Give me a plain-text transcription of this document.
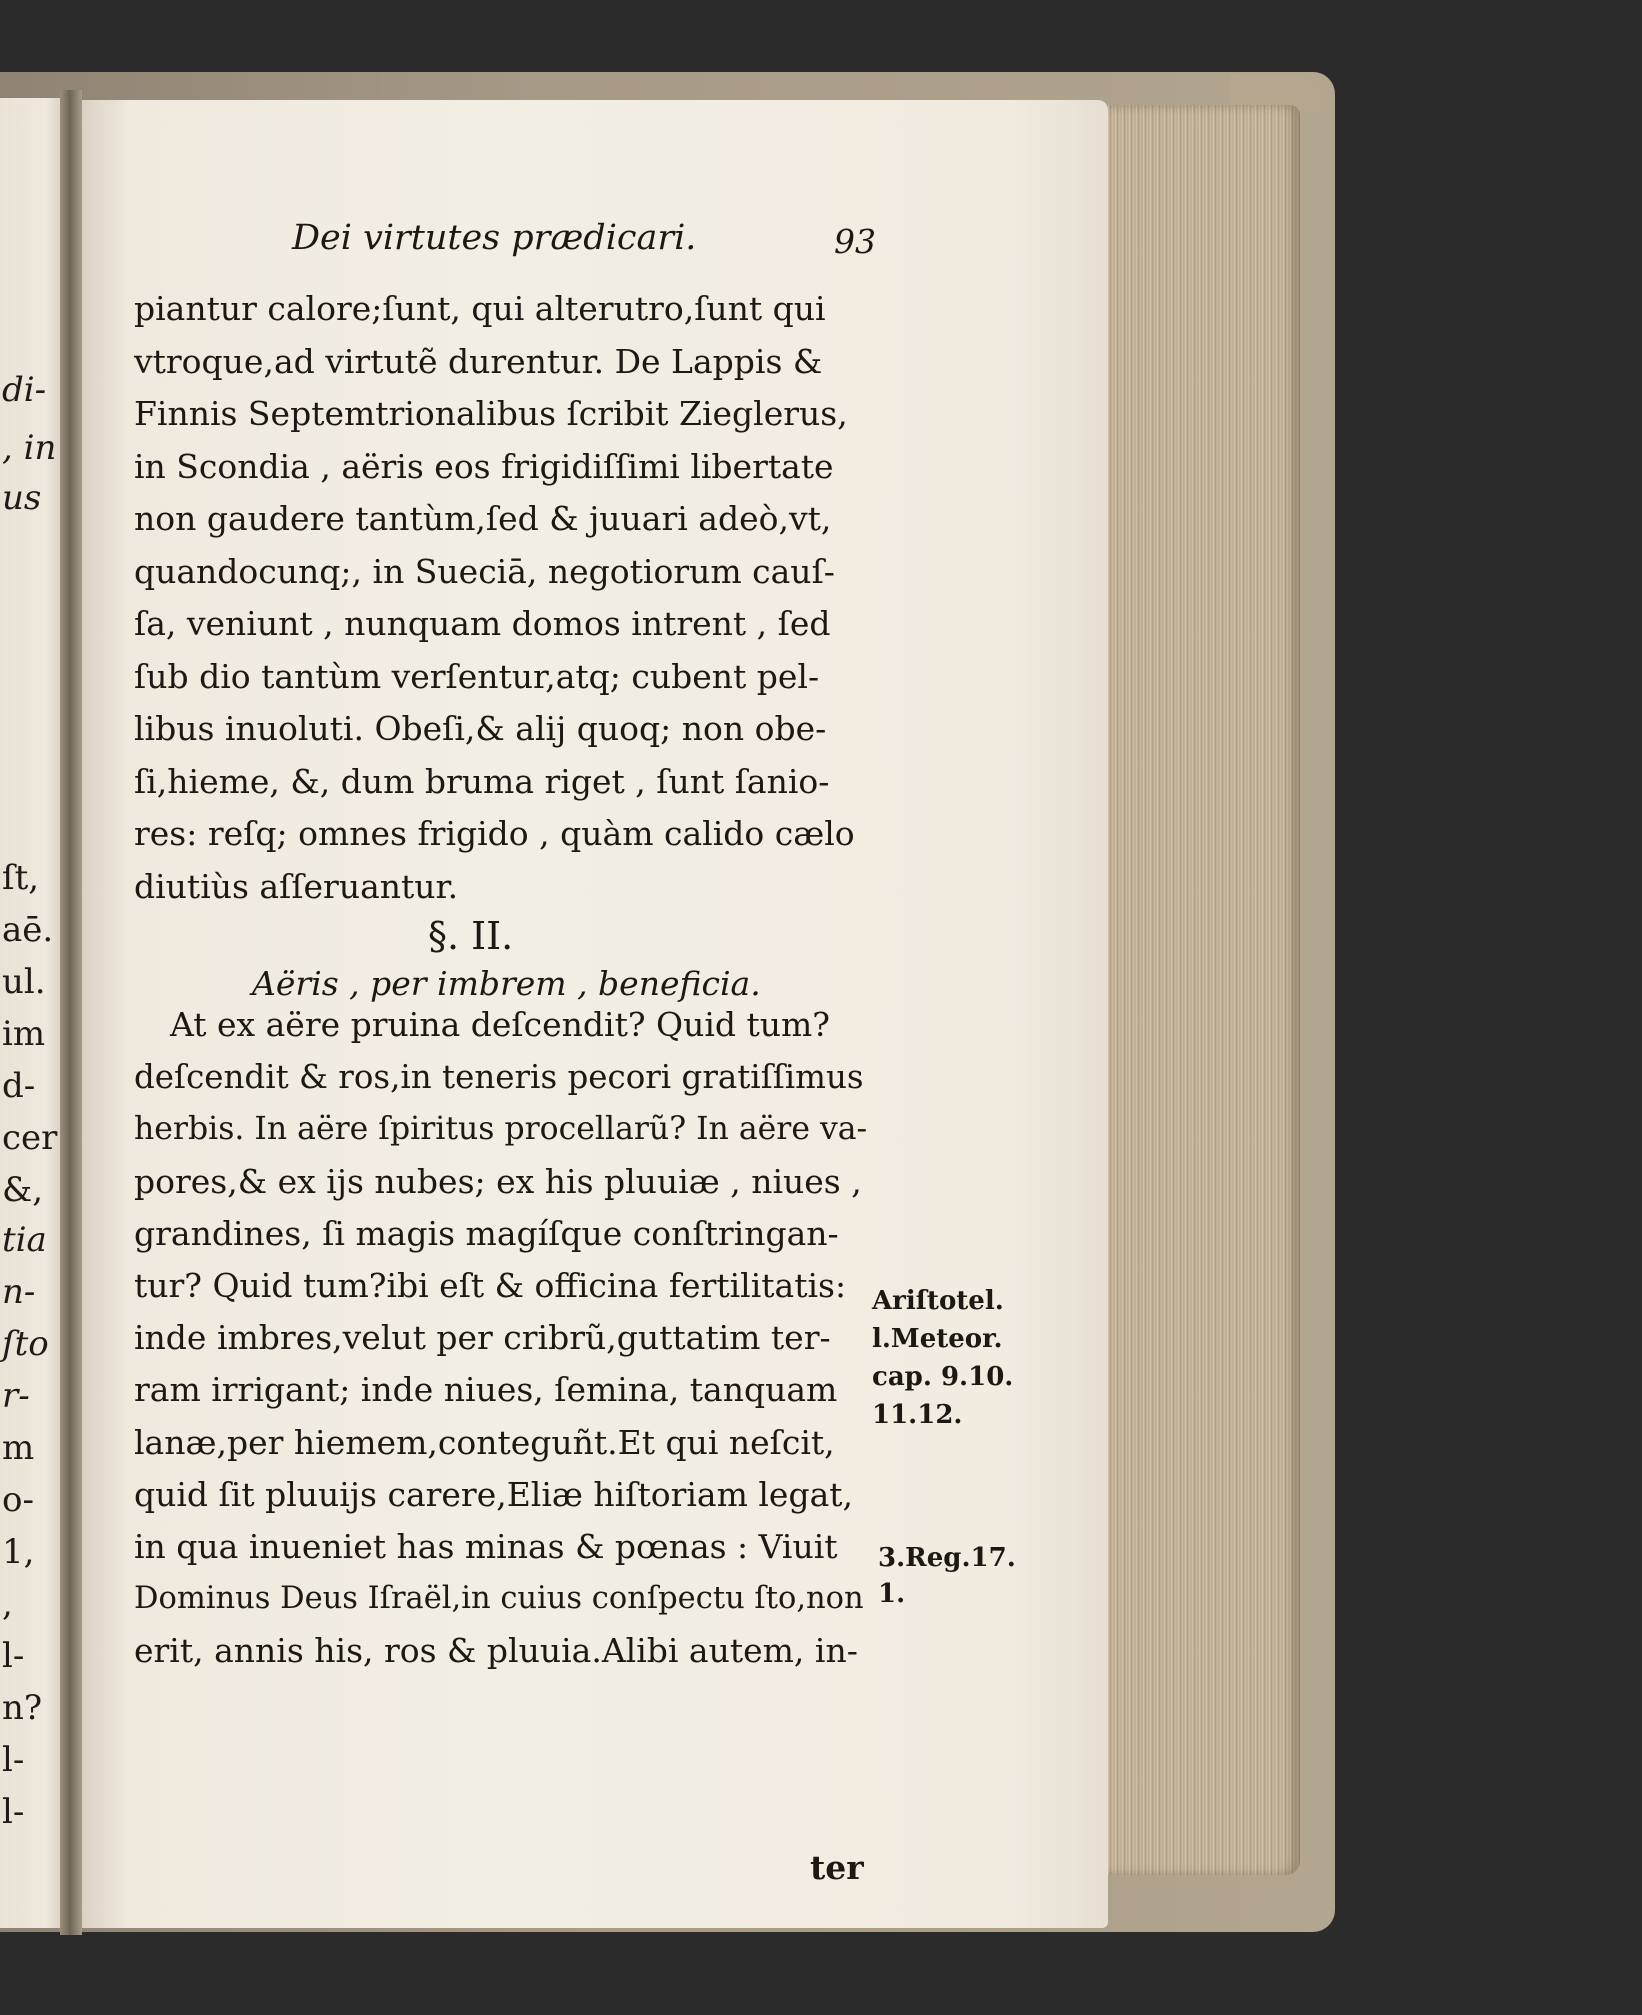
di-
, in
us
ſt,
aē.
ul.
im
d-
cer
&,
tia
n-
ſto
r-
m
o-
1,
,
l-
n?
l-
l-
Dei virtutes prædicari.	93
piantur calore;ſunt, qui alterutro,ſunt qui
vtroque,ad virtutẽ durentur. De Lappis &
Finnis Septemtrionalibus ſcribit Zieglerus,
in Scondia , aëris eos frigidiſſimi libertate
non gaudere tantùm,ſed & juuari adeò,vt,
quandocunq;, in Sueciā, negotiorum cauſ-
ſa, veniunt , nunquam domos intrent , ſed
ſub dio tantùm verſentur,atq; cubent pel-
libus inuoluti. Obeſi,& alij quoq; non obe-
ſi,hieme, &, dum bruma riget , ſunt ſanio-
res: reſq; omnes frigido , quàm calido cælo
diutiùs aſſeruantur.
§. II.
Aëris , per imbrem , beneficia.
At ex aëre pruina deſcendit? Quid tum?
deſcendit & ros,in teneris pecori gratiſſimus
herbis. In aëre ſpiritus procellarũ? In aëre va-
pores,& ex ijs nubes; ex his pluuiæ , niues ,
grandines, ſi magis magíſque conſtringan-
tur? Quid tum?ibi eſt & officina fertilitatis:
inde imbres,velut per cribrũ,guttatim ter-
ram irrigant; inde niues, ſemina, tanquam
lanæ,per hiemem,conteguñt.Et qui neſcit,
quid ſit pluuijs carere,Eliæ hiſtoriam legat,
in qua inueniet has minas & pœnas : Viuit
Dominus Deus Iſraël,in cuius conſpectu ſto,non
erit, annis his, ros & pluuia.Alibi autem, in-
ter
Ariſtotel.
l.Meteor.
cap. 9.10.
11.12.
3.Reg.17.
1.
